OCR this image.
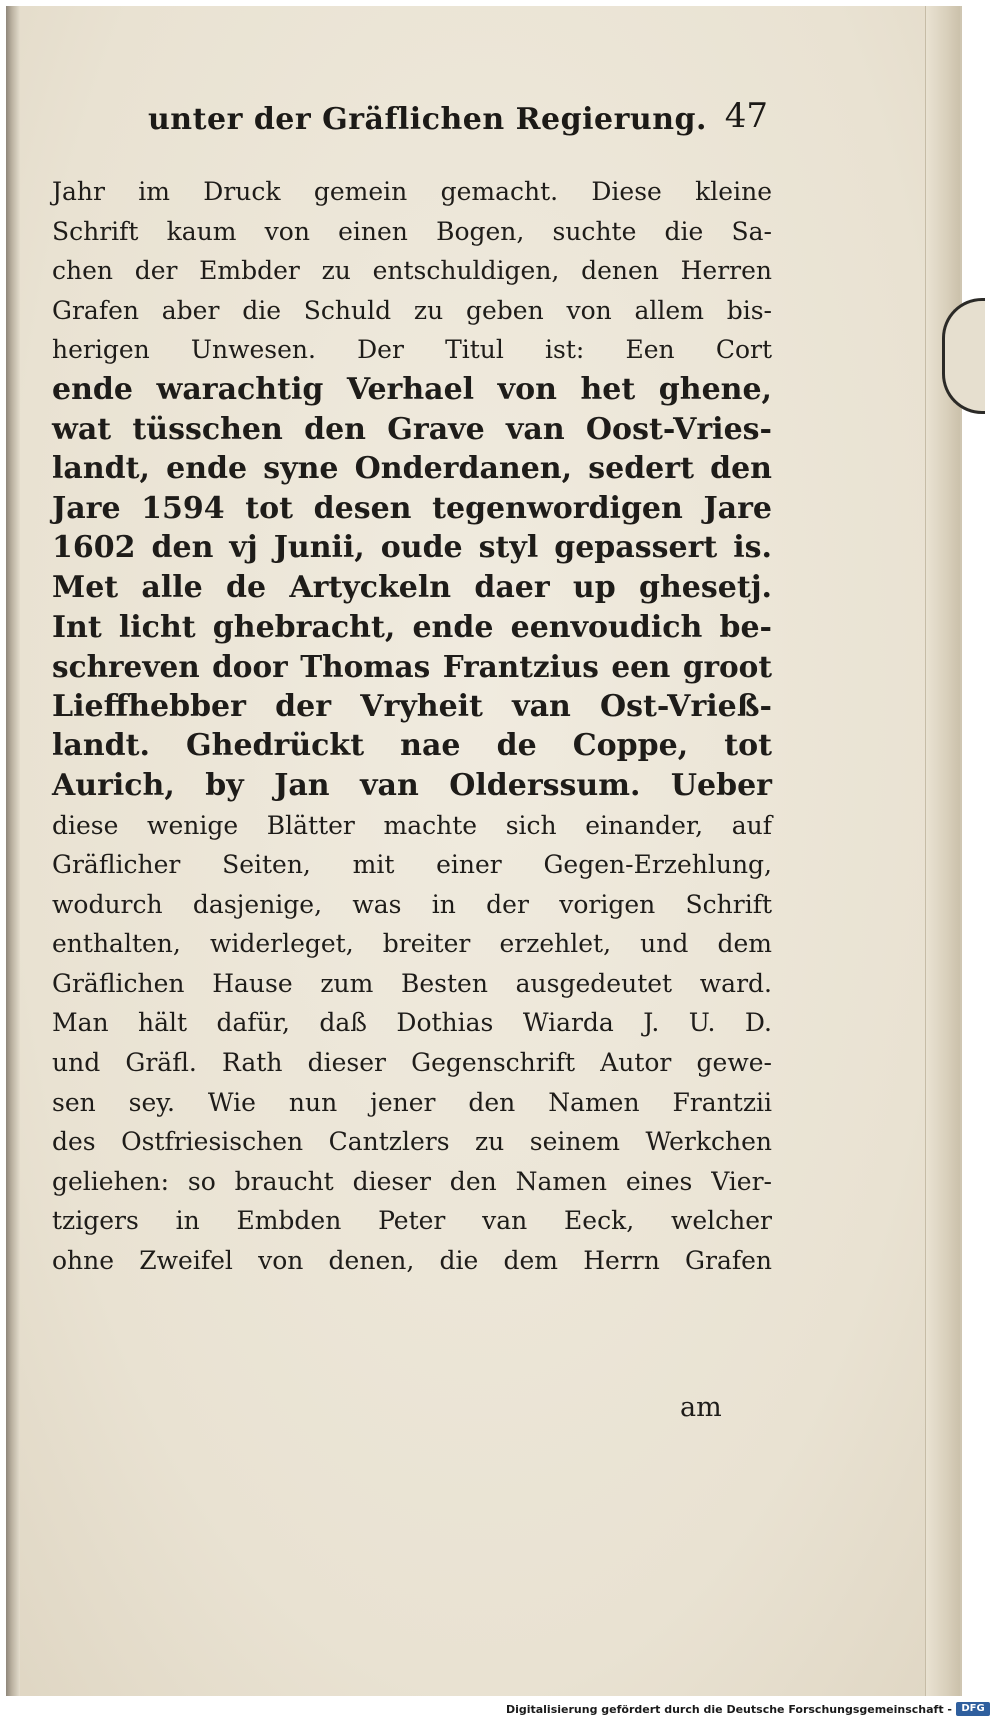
unter der Gräflichen Regierung. 47
Jahr im Druck gemein gemacht. Diese kleine
Schrift kaum von einen Bogen, suchte die Sa-
chen der Embder zu entschuldigen, denen Herren
Grafen aber die Schuld zu geben von allem bis-
herigen Unwesen. Der Titul ist: Een Cort
ende warachtig Verhael von het ghene,
wat tüsschen den Grave van Oost-Vries-
landt, ende syne Onderdanen, sedert den
Jare 1594 tot desen tegenwordigen Jare
1602 den vj Junii, oude styl gepassert is.
Met alle de Artyckeln daer up ghesetj.
Int licht ghebracht, ende eenvoudich be-
schreven door Thomas Frantzius een groot
Lieffhebber der Vryheit van Ost-Vrieß-
landt. Ghedrückt nae de Coppe, tot
Aurich, by Jan van Olderssum. Ueber
diese wenige Blätter machte sich einander, auf
Gräflicher Seiten, mit einer Gegen-Erzehlung,
wodurch dasjenige, was in der vorigen Schrift
enthalten, widerleget, breiter erzehlet, und dem
Gräflichen Hause zum Besten ausgedeutet ward.
Man hält dafür, daß Dothias Wiarda J. U. D.
und Gräfl. Rath dieser Gegenschrift Autor gewe-
sen sey. Wie nun jener den Namen Frantzii
des Ostfriesischen Cantzlers zu seinem Werkchen
geliehen: so braucht dieser den Namen eines Vier-
tzigers in Embden Peter van Eeck, welcher
ohne Zweifel von denen, die dem Herrn Grafen
am
Digitalisierung gefördert durch die Deutsche Forschungsgemeinschaft - DFG
